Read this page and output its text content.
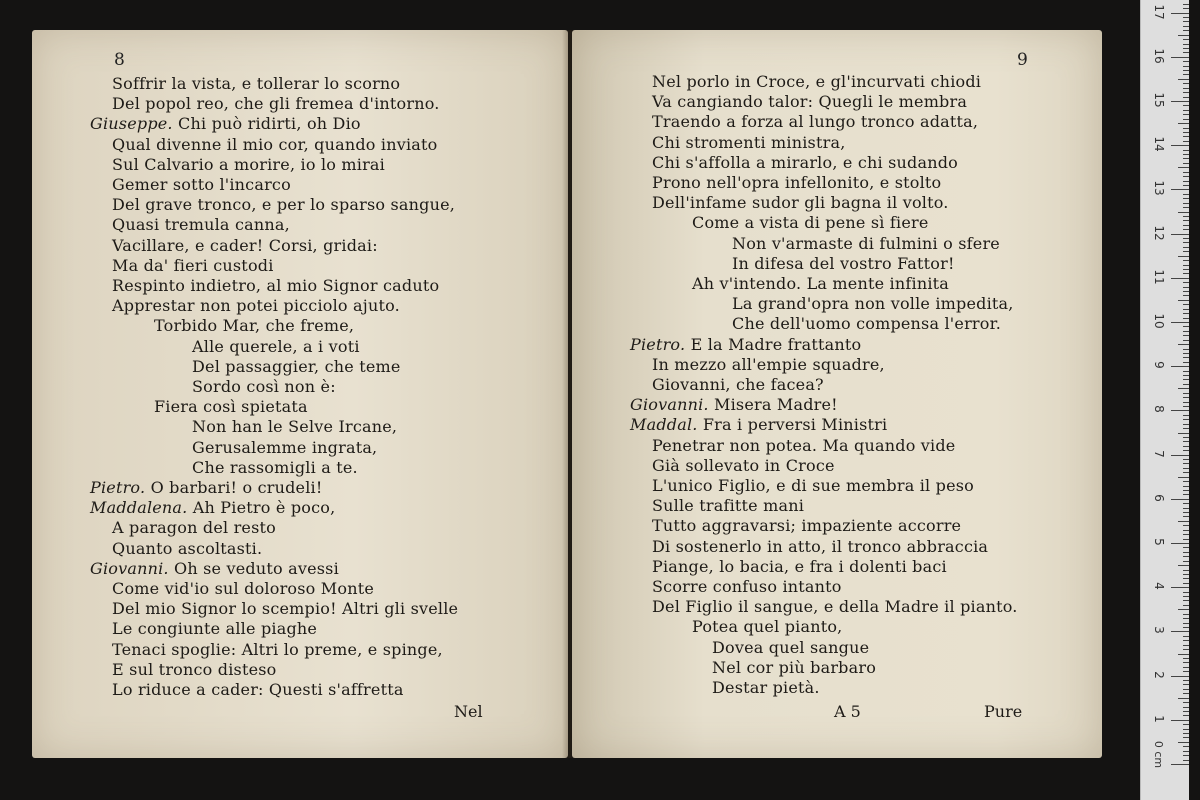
8
Soffrir la vista, e tollerar lo scorno
Del popol reo, che gli fremea d'intorno.
Giuseppe. Chi può ridirti, oh Dio
Qual divenne il mio cor, quando inviato
Sul Calvario a morire, io lo mirai
Gemer sotto l'incarco
Del grave tronco, e per lo sparso sangue,
Quasi tremula canna,
Vacillare, e cader! Corsi, gridai:
Ma da' fieri custodi
Respinto indietro, al mio Signor caduto
Apprestar non potei picciolo ajuto.
Torbido Mar, che freme,
Alle querele, a i voti
Del passaggier, che teme
Sordo così non è:
Fiera così spietata
Non han le Selve Ircane,
Gerusalemme ingrata,
Che rassomigli a te.
Pietro. O barbari! o crudeli!
Maddalena. Ah Pietro è poco,
A paragon del resto
Quanto ascoltasti.
Giovanni. Oh se veduto avessi
Come vid'io sul doloroso Monte
Del mio Signor lo scempio! Altri gli svelle
Le congiunte alle piaghe
Tenaci spoglie: Altri lo preme, e spinge,
E sul tronco disteso
Lo riduce a cader: Questi s'affretta
Nel
9
Nel porlo in Croce, e gl'incurvati chiodi
Va cangiando talor: Quegli le membra
Traendo a forza al lungo tronco adatta,
Chi stromenti ministra,
Chi s'affolla a mirarlo, e chi sudando
Prono nell'opra infellonito, e stolto
Dell'infame sudor gli bagna il volto.
Come a vista di pene sì fiere
Non v'armaste di fulmini o sfere
In difesa del vostro Fattor!
Ah v'intendo. La mente infinita
La grand'opra non volle impedita,
Che dell'uomo compensa l'error.
Pietro. E la Madre frattanto
In mezzo all'empie squadre,
Giovanni, che facea?
Giovanni. Misera Madre!
Maddal. Fra i perversi Ministri
Penetrar non potea. Ma quando vide
Già sollevato in Croce
L'unico Figlio, e di sue membra il peso
Sulle trafitte mani
Tutto aggravarsi; impaziente accorre
Di sostenerlo in atto, il tronco abbraccia
Piange, lo bacia, e fra i dolenti baci
Scorre confuso intanto
Del Figlio il sangue, e della Madre il pianto.
Potea quel pianto,
Dovea quel sangue
Nel cor più barbaro
Destar pietà.
A 5	Pure
0 cm
1
2
3
4
5
6
7
8
9
10
11
12
13
14
15
16
17
